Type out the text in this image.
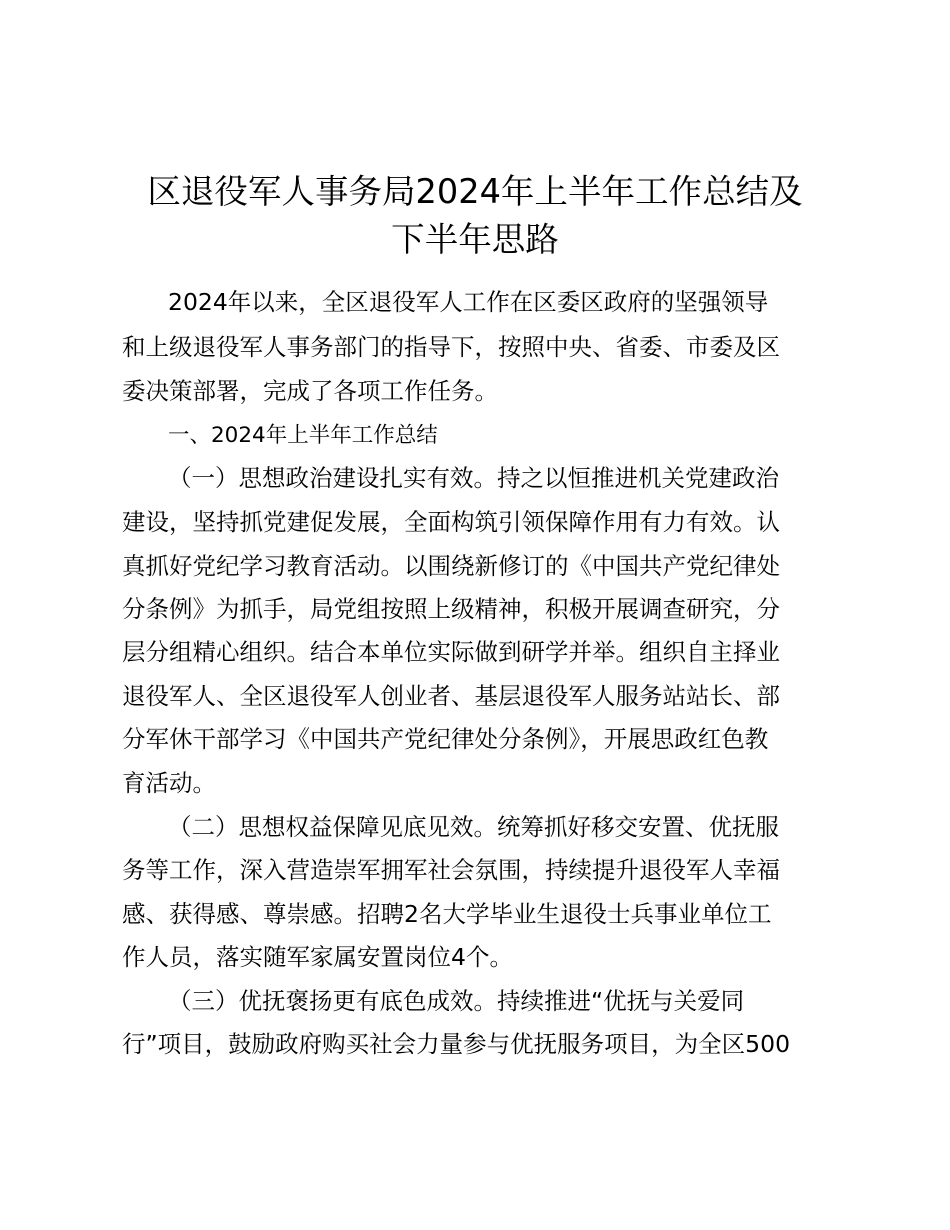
区退役军人事务局2024年上半年工作总结及
下半年思路
2024年以来，全区退役军人工作在区委区政府的坚强领导
和上级退役军人事务部门的指导下，按照中央、省委、市委及区
委决策部署，完成了各项工作任务。
一、2024年上半年工作总结
（一）思想政治建设扎实有效。持之以恒推进机关党建政治
建设，坚持抓党建促发展，全面构筑引领保障作用有力有效。认
真抓好党纪学习教育活动。以围绕新修订的《中国共产党纪律处
分条例》为抓手，局党组按照上级精神，积极开展调查研究，分
层分组精心组织。结合本单位实际做到研学并举。组织自主择业
退役军人、全区退役军人创业者、基层退役军人服务站站长、部
分军休干部学习《中国共产党纪律处分条例》，开展思政红色教
育活动。
（二）思想权益保障见底见效。统筹抓好移交安置、优抚服
务等工作，深入营造崇军拥军社会氛围，持续提升退役军人幸福
感、获得感、尊崇感。招聘2名大学毕业生退役士兵事业单位工
作人员，落实随军家属安置岗位4个。
（三）优抚褒扬更有底色成效。持续推进“优抚与关爱同
行”项目，鼓励政府购买社会力量参与优抚服务项目，为全区500
